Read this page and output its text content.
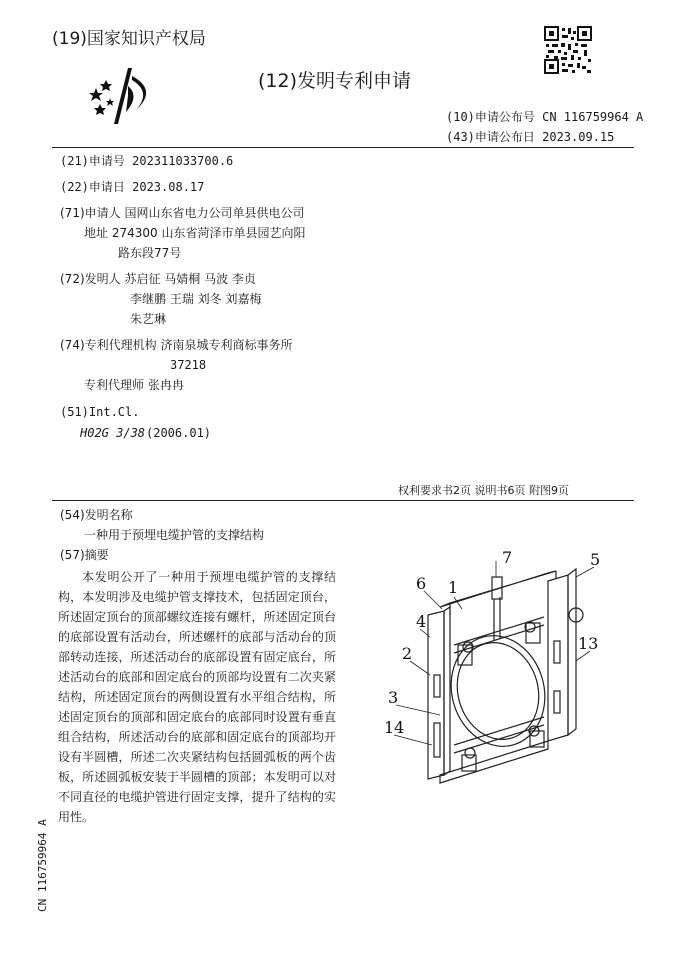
(19)国家知识产权局
(12)发明专利申请
(10)申请公布号 CN 116759964 A
(43)申请公布日 2023.09.15
(21)申请号 202311033700.6
(22)申请日 2023.08.17
(71)申请人 国网山东省电力公司单县供电公司
地址 274300 山东省菏泽市单县园艺向阳
路东段77号
(72)发明人 苏启征 马婧桐 马波 李贞
李继鹏 王瑞 刘冬 刘嘉梅
朱艺琳
(74)专利代理机构 济南泉城专利商标事务所
37218
专利代理师 张冉冉
(51)Int.Cl.
H02G 3/38 (2006.01)
权利要求书2页 说明书6页 附图9页
(54)发明名称
一种用于预埋电缆护管的支撑结构
(57)摘要
本发明公开了一种用于预埋电缆护管的支撑结构，本发明涉及电缆护管支撑技术，包括固定顶台，所述固定顶台的顶部螺纹连接有螺杆，所述固定顶台的底部设置有活动台，所述螺杆的底部与活动台的顶部转动连接，所述活动台的底部设置有固定底台，所述活动台的底部和固定底台的顶部均设置有二次夹紧结构，所述固定顶台的两侧设置有水平组合结构，所述固定顶台的顶部和固定底台的底部同时设置有垂直组合结构，所述活动台的底部和固定底台的顶部均开设有半圆槽，所述二次夹紧结构包括圆弧板的两个齿板，所述圆弧板安装于半圆槽的顶部；本发明可以对不同直径的电缆护管进行固定支撑，提升了结构的实用性。
CN 116759964 A
7
6 1
5
4
2
13
3
14
